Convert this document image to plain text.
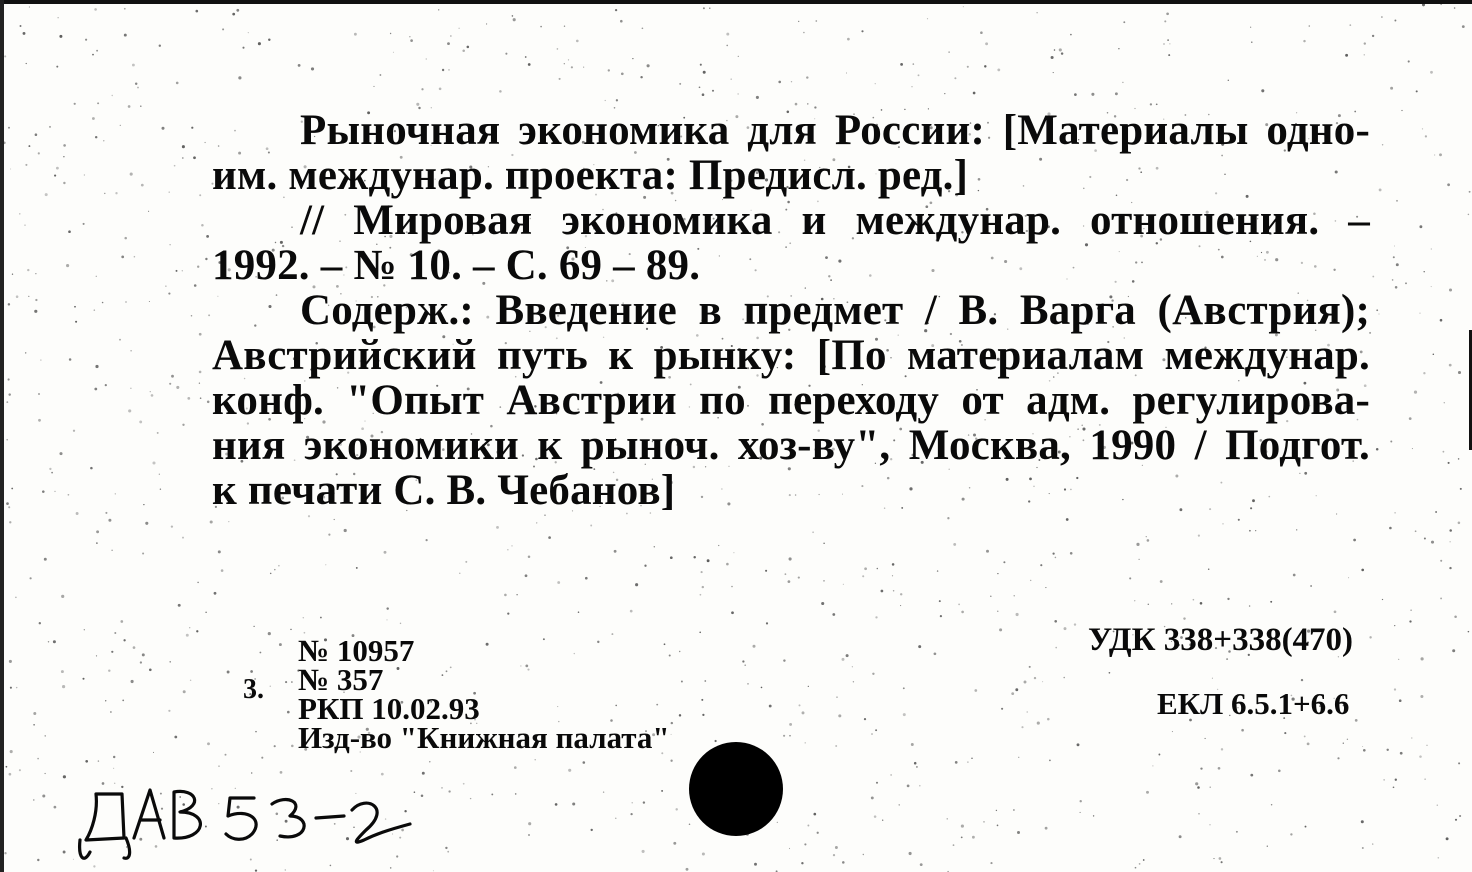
Рыночная экономика для России: [Материалы одно-
им. междунар. проекта: Предисл. ред.]
// Мировая экономика и междунар. отношения. –
1992. – № 10. – С. 69 – 89.
Содерж.: Введение в предмет / В. Варга (Австрия);
Австрийский путь к рынку: [По материалам междунар.
конф. "Опыт Австрии по переходу от адм. регулирова-
ния экономики к рыноч. хоз-ву", Москва, 1990 / Подгот.
к печати С. В. Чебанов]
3.
№ 10957
№ 357
РКП 10.02.93
Изд-во "Книжная палата"
УДК 338+338(470)
ЕКЛ 6.5.1+6.6
